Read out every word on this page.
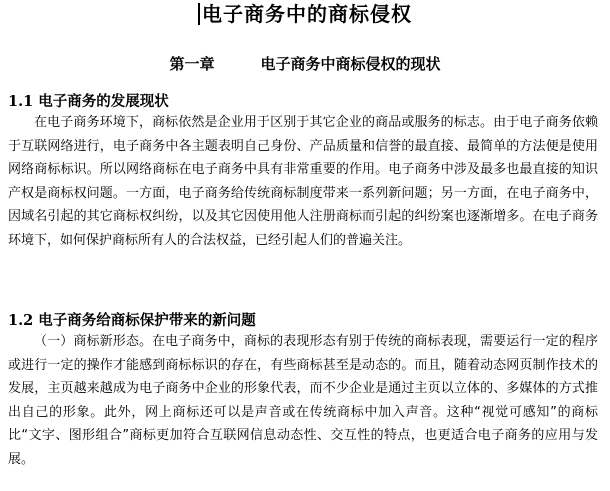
电子商务中的商标侵权
第一章	电子商务中商标侵权的现状
1.1 电子商务的发展现状

在电子商务环境下，商标依然是企业用于区别于其它企业的商品或服务的标志。由于电子商务依赖于互联网络进行，电子商务中各主题表明自己身份、产品质量和信誉的最直接、最简单的方法便是使用网络商标标识。所以网络商标在电子商务中具有非常重要的作用。电子商务中涉及最多也最直接的知识产权是商标权问题。一方面，电子商务给传统商标制度带来一系列新问题；另一方面，在电子商务中，因域名引起的其它商标权纠纷，以及其它因使用他人注册商标而引起的纠纷案也逐渐增多。在电子商务环境下，如何保护商标所有人的合法权益，已经引起人们的普遍关注。

1.2 电子商务给商标保护带来的新问题

（一）商标新形态。在电子商务中，商标的表现形态有别于传统的商标表现，需要运行一定的程序或进行一定的操作才能感到商标标识的存在，有些商标甚至是动态的。而且，随着动态网页制作技术的发展，主页越来越成为电子商务中企业的形象代表，而不少企业是通过主页以立体的、多媒体的方式推出自己的形象。此外，网上商标还可以是声音或在传统商标中加入声音。这种“视觉可感知”的商标比“文字、图形组合”商标更加符合互联网信息动态性、交互性的特点，也更适合电子商务的应用与发展。
